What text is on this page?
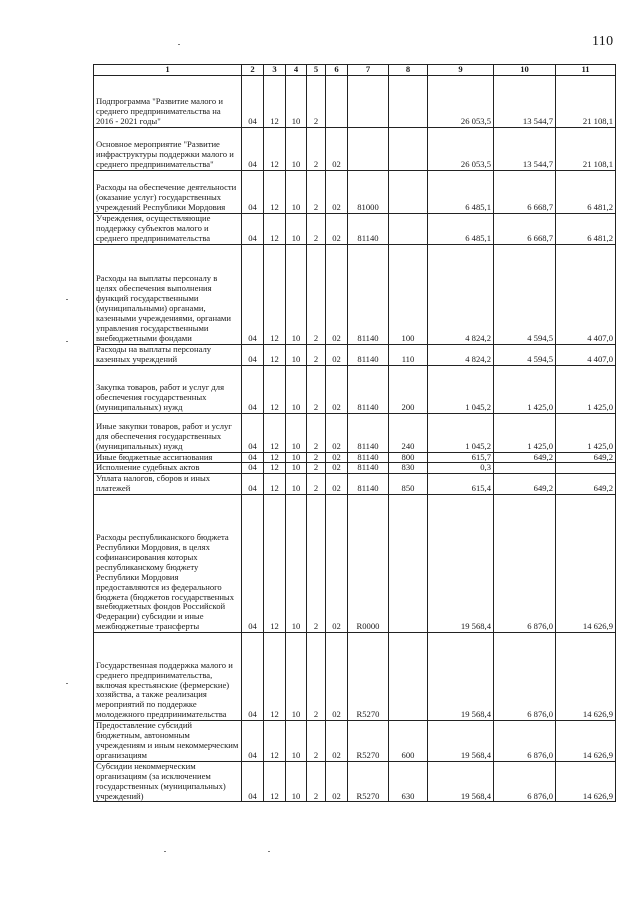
110
1	2	3	4	5	6	7	8	9	10	11
Подпрограмма "Развитие малого и среднего предпринимательства на 2016 - 2021 годы"	04	12	10	2				26 053,5	13 544,7	21 108,1
Основное мероприятие "Развитие инфраструктуры поддержки малого и среднего предпринимательства"	04	12	10	2	02			26 053,5	13 544,7	21 108,1
Расходы на обеспечение деятельности (оказание услуг) государственных учреждений Республики Мордовия	04	12	10	2	02	81000		6 485,1	6 668,7	6 481,2
Учреждения, осуществляющие поддержку субъектов малого и среднего предпринимательства	04	12	10	2	02	81140		6 485,1	6 668,7	6 481,2
Расходы на выплаты персоналу в целях обеспечения выполнения функций государственными (муниципальными) органами, казенными учреждениями, органами управления государственными внебюджетными фондами	04	12	10	2	02	81140	100	4 824,2	4 594,5	4 407,0
Расходы на выплаты персоналу казенных учреждений	04	12	10	2	02	81140	110	4 824,2	4 594,5	4 407,0
Закупка товаров, работ и услуг для обеспечения государственных (муниципальных) нужд	04	12	10	2	02	81140	200	1 045,2	1 425,0	1 425,0
Иные закупки товаров, работ и услуг для обеспечения государственных (муниципальных) нужд	04	12	10	2	02	81140	240	1 045,2	1 425,0	1 425,0
Иные бюджетные ассигнования	04	12	10	2	02	81140	800	615,7	649,2	649,2
Исполнение судебных актов	04	12	10	2	02	81140	830	0,3		
Уплата налогов, сборов и иных платежей	04	12	10	2	02	81140	850	615,4	649,2	649,2
Расходы республиканского бюджета Республики Мордовия, в целях софинансирования которых республиканскому бюджету Республики Мордовия предоставляются из федерального бюджета (бюджетов государственных внебюджетных фондов Российской Федерации) субсидии и иные межбюджетные трансферты	04	12	10	2	02	R0000		19 568,4	6 876,0	14 626,9
Государственная поддержка малого и среднего предпринимательства, включая крестьянские (фермерские) хозяйства, а также реализация мероприятий по поддержке молодежного предпринимательства	04	12	10	2	02	R5270		19 568,4	6 876,0	14 626,9
Предоставление субсидий бюджетным, автономным учреждениям и иным некоммерческим организациям	04	12	10	2	02	R5270	600	19 568,4	6 876,0	14 626,9
Субсидии некоммерческим организациям (за исключением государственных (муниципальных) учреждений)	04	12	10	2	02	R5270	630	19 568,4	6 876,0	14 626,9
